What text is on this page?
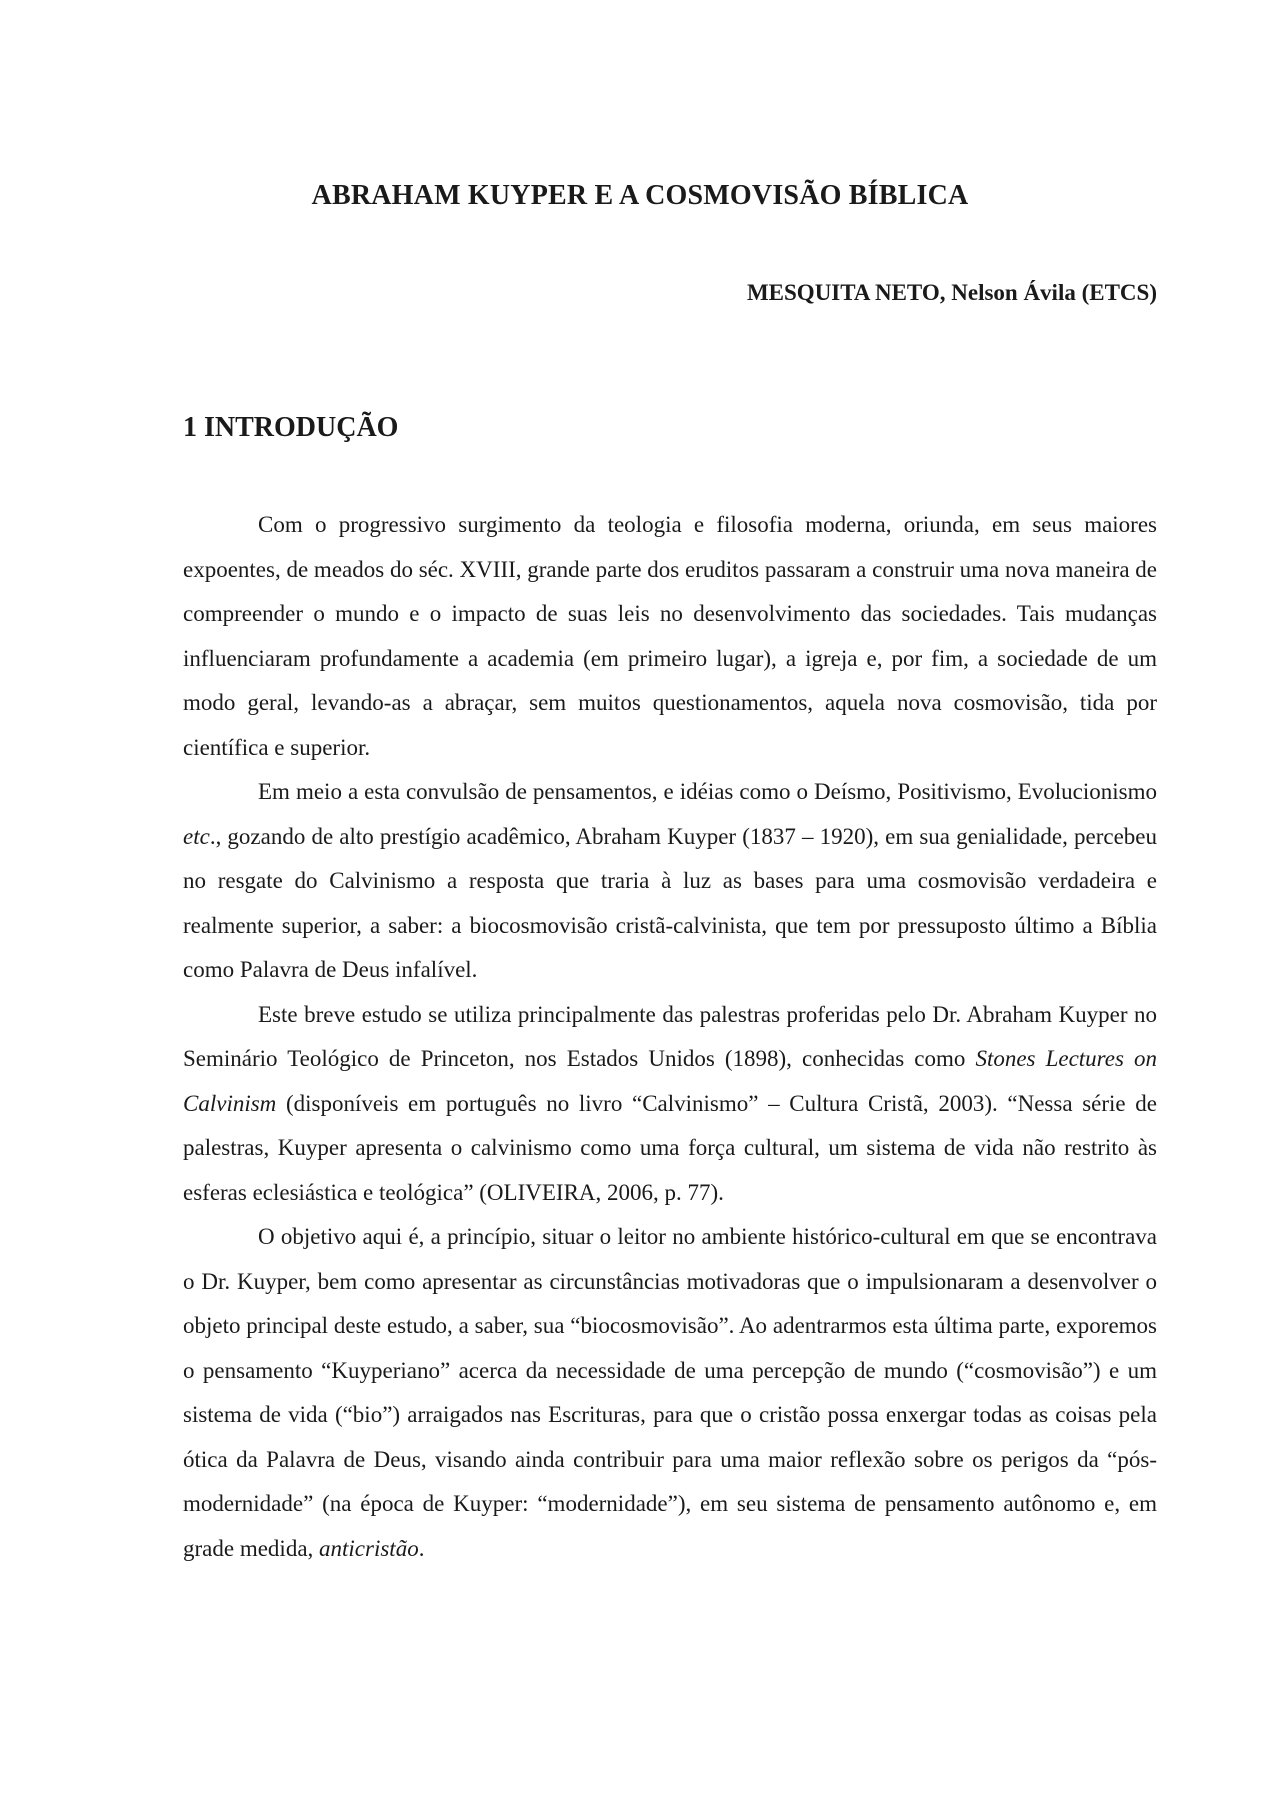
ABRAHAM KUYPER E A COSMOVISÃO BÍBLICA

MESQUITA NETO, Nelson Ávila (ETCS)

1 INTRODUÇÃO

Com o progressivo surgimento da teologia e filosofia moderna, oriunda, em seus maiores expoentes, de meados do séc. XVIII, grande parte dos eruditos passaram a construir uma nova maneira de compreender o mundo e o impacto de suas leis no desenvolvimento das sociedades. Tais mudanças influenciaram profundamente a academia (em primeiro lugar), a igreja e, por fim, a sociedade de um modo geral, levando-as a abraçar, sem muitos questionamentos, aquela nova cosmovisão, tida por científica e superior.

Em meio a esta convulsão de pensamentos, e idéias como o Deísmo, Positivismo, Evolucionismo etc., gozando de alto prestígio acadêmico, Abraham Kuyper (1837 – 1920), em sua genialidade, percebeu no resgate do Calvinismo a resposta que traria à luz as bases para uma cosmovisão verdadeira e realmente superior, a saber: a biocosmovisão cristã-calvinista, que tem por pressuposto último a Bíblia como Palavra de Deus infalível.

Este breve estudo se utiliza principalmente das palestras proferidas pelo Dr. Abraham Kuyper no Seminário Teológico de Princeton, nos Estados Unidos (1898), conhecidas como Stones Lectures on Calvinism (disponíveis em português no livro “Calvinismo” – Cultura Cristã, 2003). “Nessa série de palestras, Kuyper apresenta o calvinismo como uma força cultural, um sistema de vida não restrito às esferas eclesiástica e teológica” (OLIVEIRA, 2006, p. 77).

O objetivo aqui é, a princípio, situar o leitor no ambiente histórico-cultural em que se encontrava o Dr. Kuyper, bem como apresentar as circunstâncias motivadoras que o impulsionaram a desenvolver o objeto principal deste estudo, a saber, sua “biocosmovisão”. Ao adentrarmos esta última parte, exporemos o pensamento “Kuyperiano” acerca da necessidade de uma percepção de mundo (“cosmovisão”) e um sistema de vida (“bio”) arraigados nas Escrituras, para que o cristão possa enxergar todas as coisas pela ótica da Palavra de Deus, visando ainda contribuir para uma maior reflexão sobre os perigos da “pós-modernidade” (na época de Kuyper: “modernidade”), em seu sistema de pensamento autônomo e, em grade medida, anticristão.
